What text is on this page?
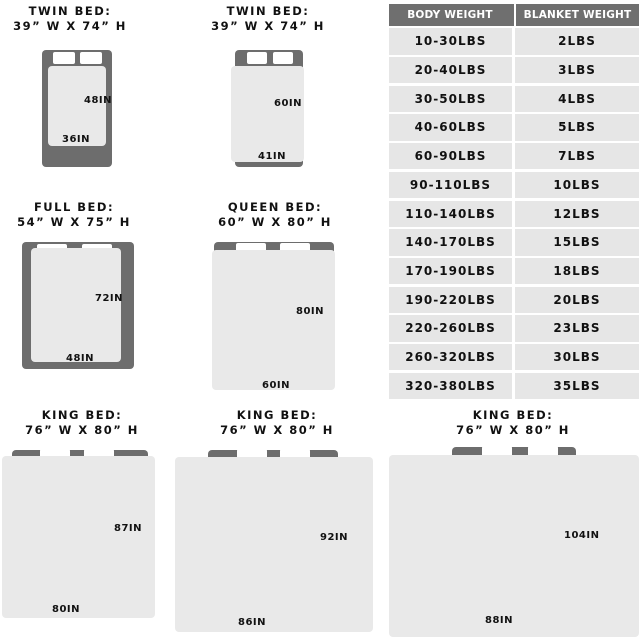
TWIN BED:
39” W X 74” H
48IN
36IN
TWIN BED:
39” W X 74” H
60IN
41IN
FULL BED:
54” W X 75” H
72IN
48IN
QUEEN BED:
60” W X 80” H
80IN
60IN
KING BED:
76” W X 80” H
87IN
80IN
KING BED:
76” W X 80” H
92IN
86IN
KING BED:
76” W X 80” H
104IN
88IN
BODY WEIGHT	BLANKET WEIGHT
10-30LBS	2LBS
20-40LBS	3LBS
30-50LBS	4LBS
40-60LBS	5LBS
60-90LBS	7LBS
90-110LBS	10LBS
110-140LBS	12LBS
140-170LBS	15LBS
170-190LBS	18LBS
190-220LBS	20LBS
220-260LBS	23LBS
260-320LBS	30LBS
320-380LBS	35LBS
